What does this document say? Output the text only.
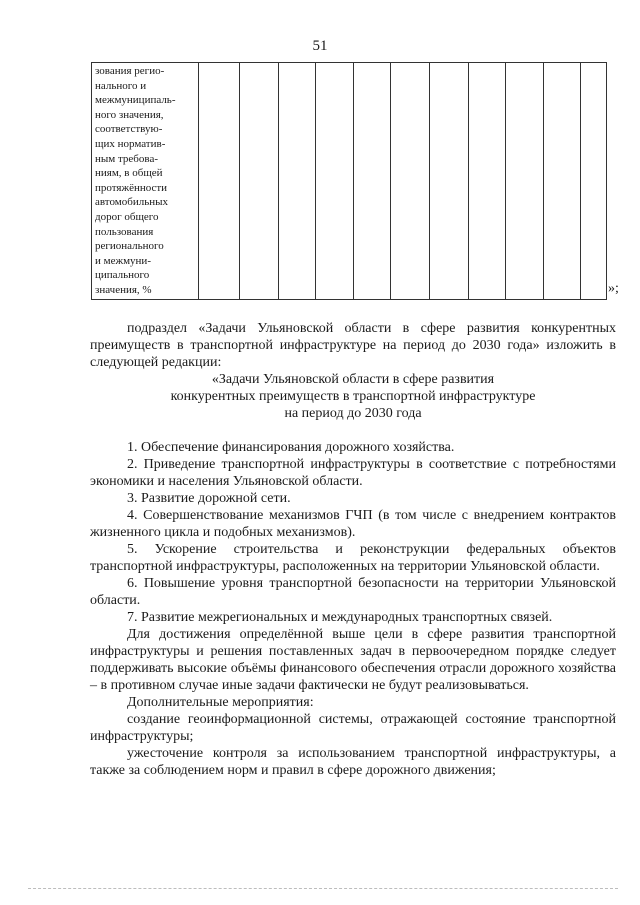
51
зования регио-
нального и
межмуниципаль-
ного значения,
соответствую-
щих норматив-
ным требова-
ниям, в общей
протяжённости
автомобильных
дорог общего
пользования
регионального
и межмуни-
ципального
значения, %												»;

подраздел «Задачи Ульяновской области в сфере развития конкурентных преимуществ в транспортной инфраструктуре на период до 2030 года» изложить в следующей редакции:

«Задачи Ульяновской области в сфере развития

конкурентных преимуществ в транспортной инфраструктуре

на период до 2030 года

1. Обеспечение финансирования дорожного хозяйства.

2. Приведение транспортной инфраструктуры в соответствие с потребностями экономики и населения Ульяновской области.

3. Развитие дорожной сети.

4. Совершенствование механизмов ГЧП (в том числе с внедрением контрактов жизненного цикла и подобных механизмов).

5. Ускорение строительства и реконструкции федеральных объектов транспортной инфраструктуры, расположенных на территории Ульяновской области.

6. Повышение уровня транспортной безопасности на территории Ульяновской области.

7. Развитие межрегиональных и международных транспортных связей.

Для достижения определённой выше цели в сфере развития транспортной инфраструктуры и решения поставленных задач в первоочередном порядке следует поддерживать высокие объёмы финансового обеспечения отрасли дорожного хозяйства – в противном случае иные задачи фактически не будут реализовываться.

Дополнительные мероприятия:

создание геоинформационной системы, отражающей состояние транспортной инфраструктуры;

ужесточение контроля за использованием транспортной инфраструктуры, а также за соблюдением норм и правил в сфере дорожного движения;
